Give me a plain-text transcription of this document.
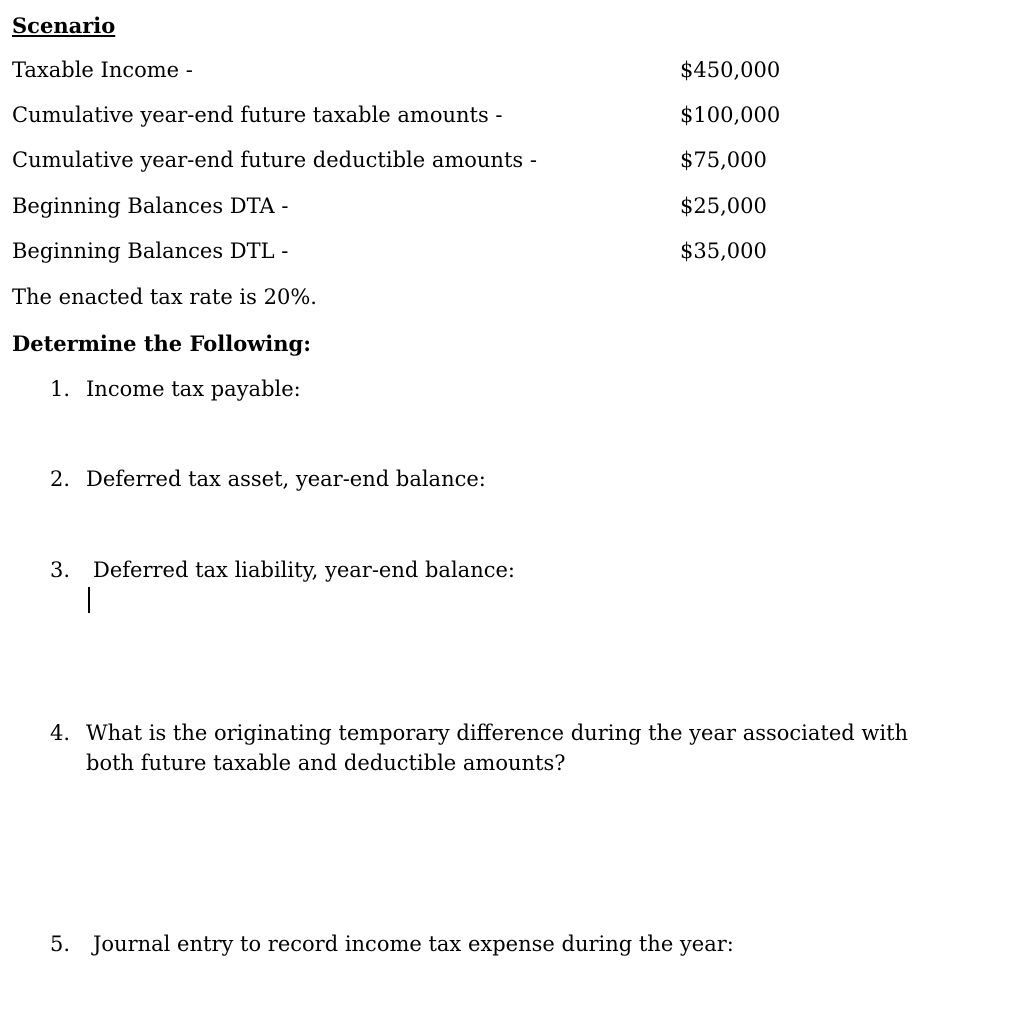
Scenario
Taxable Income -	$450,000
Cumulative year-end future taxable amounts -	$100,000
Cumulative year-end future deductible amounts -	$75,000
Beginning Balances DTA -	$25,000
Beginning Balances DTL -	$35,000
The enacted tax rate is 20%.
Determine the Following:
1. Income tax payable:
2. Deferred tax asset, year-end balance:
3. Deferred tax liability, year-end balance:
4. What is the originating temporary difference during the year associated with both future taxable and deductible amounts?
5. Journal entry to record income tax expense during the year:
